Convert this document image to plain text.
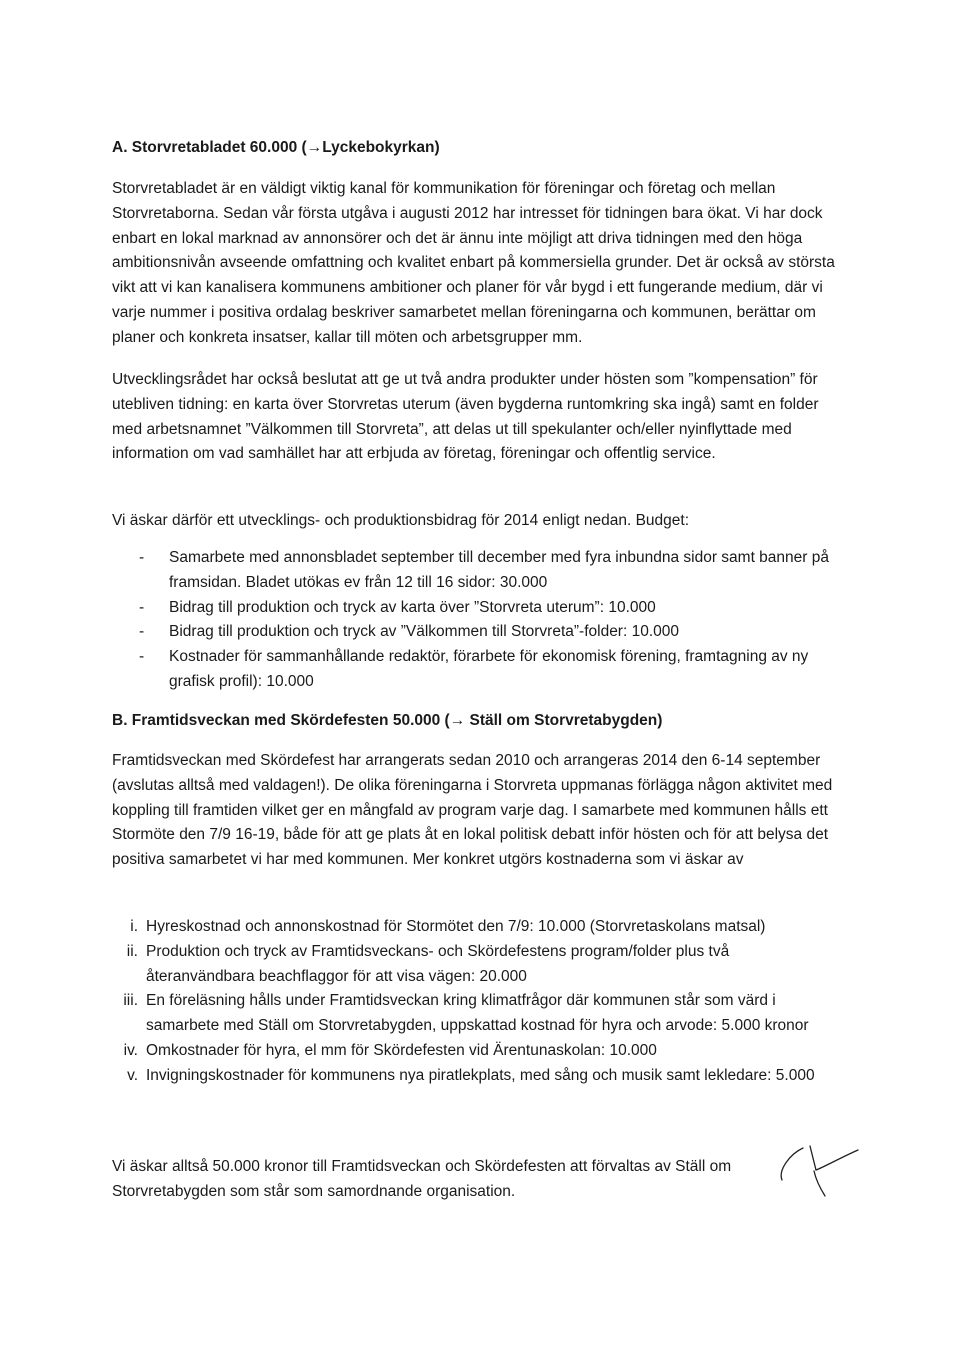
A. Storvretabladet 60.000 (→Lyckebokyrkan)

Storvretabladet är en väldigt viktig kanal för kommunikation för föreningar och företag och mellan Storvretaborna. Sedan vår första utgåva i augusti 2012 har intresset för tidningen bara ökat. Vi har dock enbart en lokal marknad av annonsörer och det är ännu inte möjligt att driva tidningen med den höga ambitionsnivån avseende omfattning och kvalitet enbart på kommersiella grunder. Det är också av största vikt att vi kan kanalisera kommunens ambitioner och planer för vår bygd i ett fungerande medium, där vi varje nummer i positiva ordalag beskriver samarbetet mellan föreningarna och kommunen, berättar om planer och konkreta insatser, kallar till möten och arbetsgrupper mm.

Utvecklingsrådet har också beslutat att ge ut två andra produkter under hösten som ”kompensation” för utebliven tidning: en karta över Storvretas uterum (även bygderna runtomkring ska ingå) samt en folder med arbetsnamnet ”Välkommen till Storvreta”, att delas ut till spekulanter och/eller nyinflyttade med information om vad samhället har att erbjuda av företag, föreningar och offentlig service.

Vi äskar därför ett utvecklings- och produktionsbidrag för 2014 enligt nedan. Budget:

- Samarbete med annonsbladet september till december med fyra inbundna sidor samt banner på framsidan. Bladet utökas ev från 12 till 16 sidor: 30.000
- Bidrag till produktion och tryck av karta över ”Storvreta uterum”: 10.000
- Bidrag till produktion och tryck av ”Välkommen till Storvreta”-folder: 10.000
- Kostnader för sammanhållande redaktör, förarbete för ekonomisk förening, framtagning av ny grafisk profil): 10.000
B. Framtidsveckan med Skördefesten 50.000 (→ Ställ om Storvretabygden)

Framtidsveckan med Skördefest har arrangerats sedan 2010 och arrangeras 2014 den 6-14 september (avslutas alltså med valdagen!). De olika föreningarna i Storvreta uppmanas förlägga någon aktivitet med koppling till framtiden vilket ger en mångfald av program varje dag. I samarbete med kommunen hålls ett Stormöte den 7/9 16-19, både för att ge plats åt en lokal politisk debatt inför hösten och för att belysa det positiva samarbetet vi har med kommunen. Mer konkret utgörs kostnaderna som vi äskar av

i. Hyreskostnad och annonskostnad för Stormötet den 7/9: 10.000 (Storvretaskolans matsal)
ii. Produktion och tryck av Framtidsveckans- och Skördefestens program/folder plus två återanvändbara beachflaggor för att visa vägen: 20.000
iii. En föreläsning hålls under Framtidsveckan kring klimatfrågor där kommunen står som värd i samarbete med Ställ om Storvretabygden, uppskattad kostnad för hyra och arvode: 5.000 kronor
iv. Omkostnader för hyra, el mm för Skördefesten vid Ärentunaskolan: 10.000
v. Invigningskostnader för kommunens nya piratlekplats, med sång och musik samt lekledare: 5.000

Vi äskar alltså 50.000 kronor till Framtidsveckan och Skördefesten att förvaltas av Ställ om Storvretabygden som står som samordnande organisation.
